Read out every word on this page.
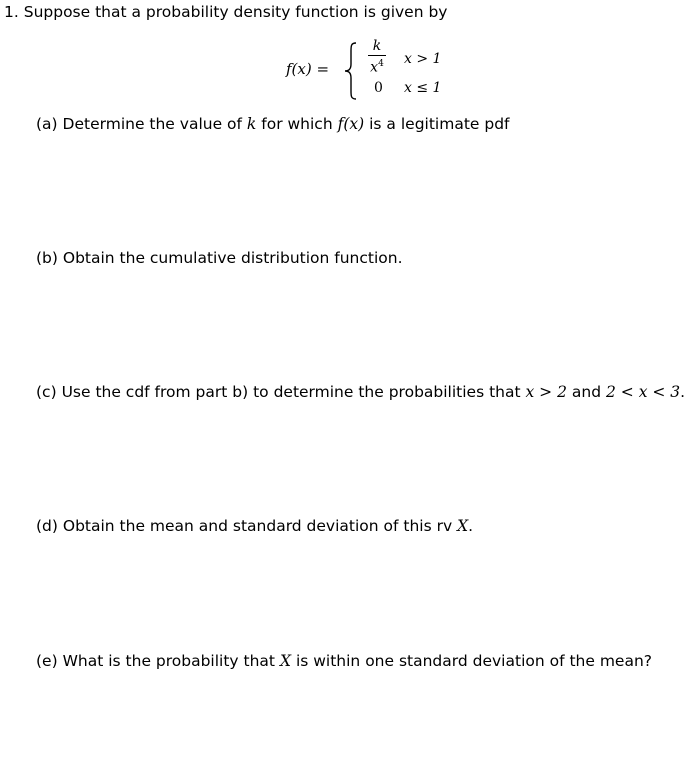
1. Suppose that a probability density function is given by
f(x) =
k
$x^4$
0
x > 1
x ≤ 1
(a) Determine the value of k for which f(x) is a legitimate pdf
(b) Obtain the cumulative distribution function.
(c) Use the cdf from part b) to determine the probabilities that x > 2 and 2 < x < 3.
(d) Obtain the mean and standard deviation of this rv X.
(e) What is the probability that X is within one standard deviation of the mean?
